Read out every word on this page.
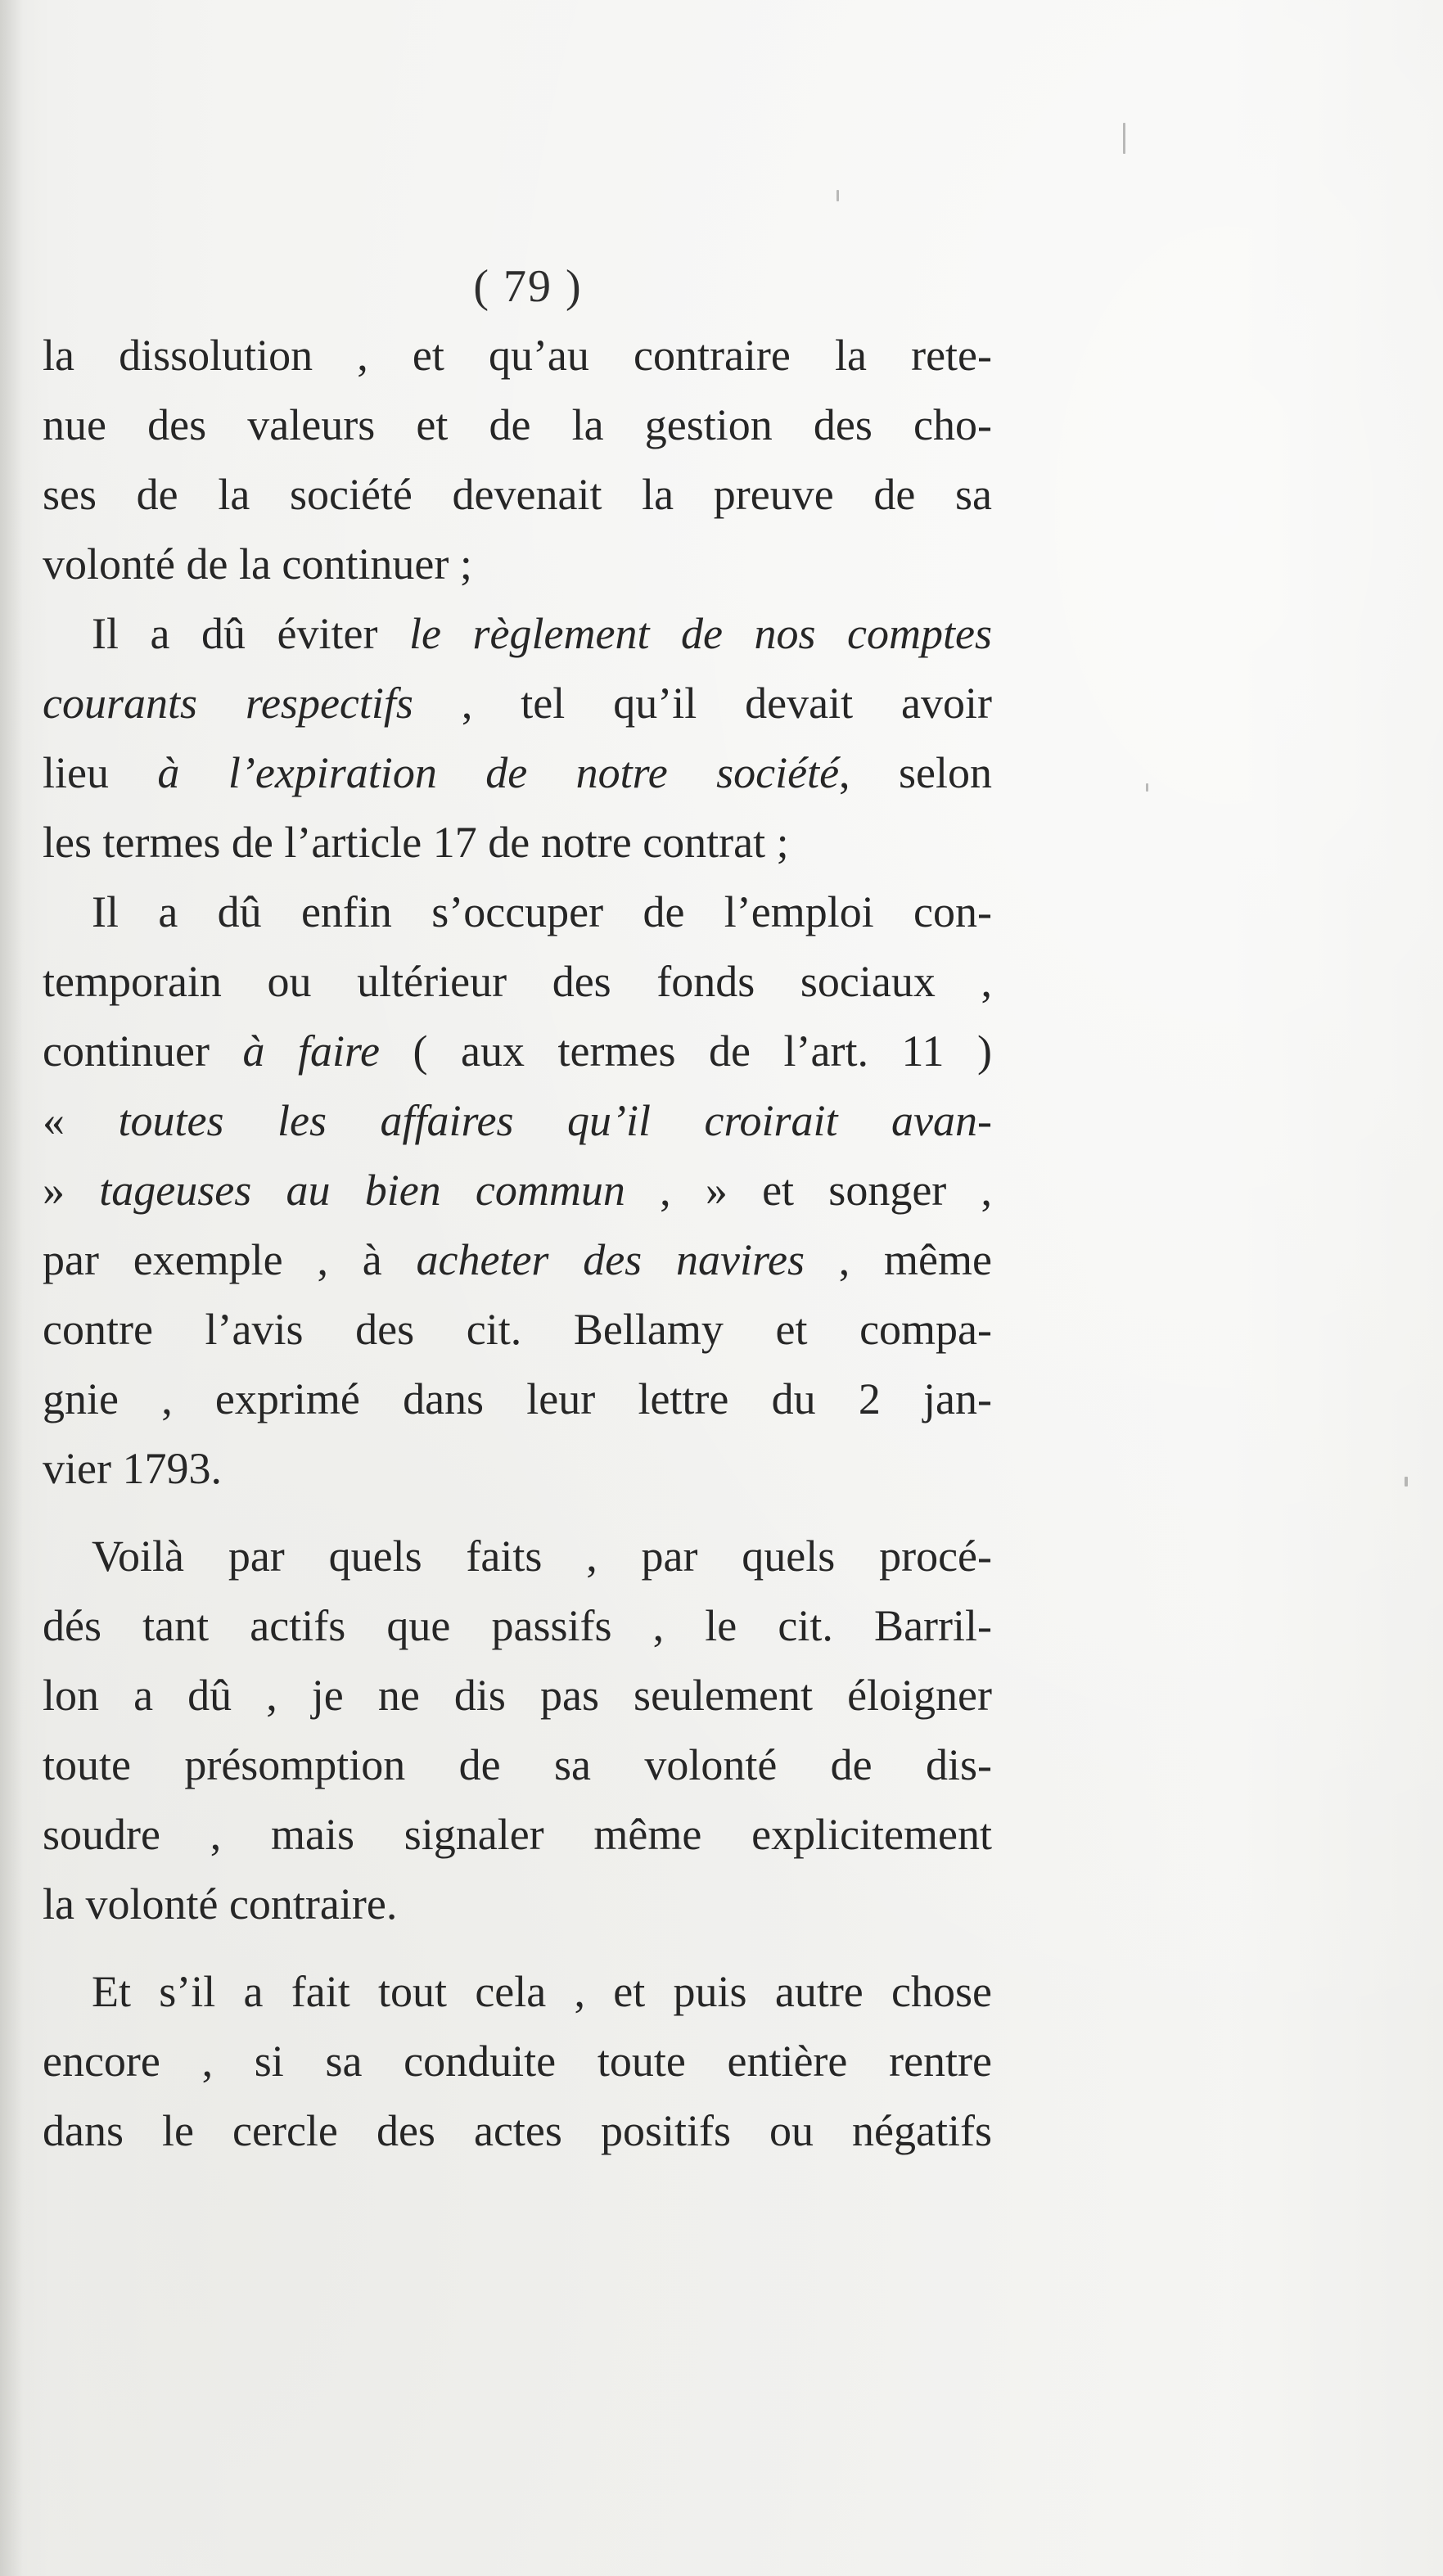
( 79 )
la dissolution , et qu’au contraire la rete-
nue des valeurs et de la gestion des cho-
ses de la société devenait la preuve de sa
volonté de la continuer ;
Il a dû éviter le règlement de nos comptes
courants respectifs , tel qu’il devait avoir
lieu à l’expiration de notre société, selon
les termes de l’article 17 de notre contrat ;
Il a dû enfin s’occuper de l’emploi con-
temporain ou ultérieur des fonds sociaux ,
continuer à faire ( aux termes de l’art. 11 )
« toutes les affaires qu’il croirait avan-
» tageuses au bien commun , » et songer ,
par exemple , à acheter des navires , même
contre l’avis des cit. Bellamy et compa-
gnie , exprimé dans leur lettre du 2 jan-
vier 1793.
Voilà par quels faits , par quels procé-
dés tant actifs que passifs , le cit. Barril-
lon a dû , je ne dis pas seulement éloigner
toute présomption de sa volonté de dis-
soudre , mais signaler même explicitement
la volonté contraire.
Et s’il a fait tout cela , et puis autre chose
encore , si sa conduite toute entière rentre
dans le cercle des actes positifs ou négatifs
